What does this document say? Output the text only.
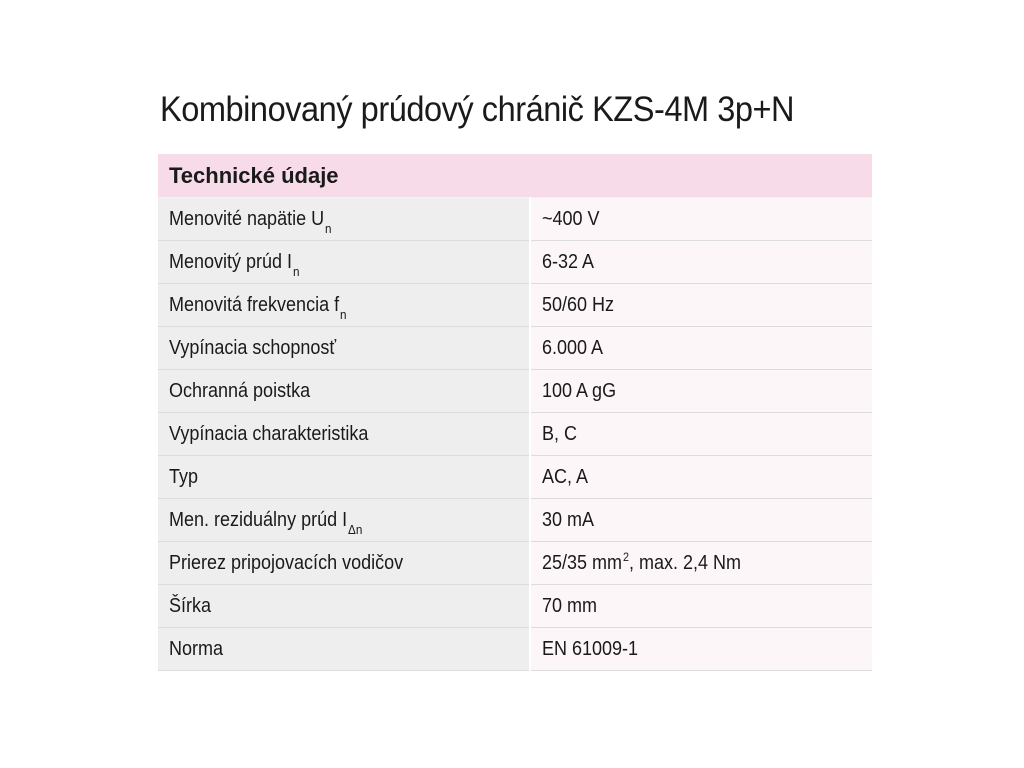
Kombinovaný prúdový chránič KZS-4M 3p+N
Technické údaje	
Menovité napätie $U_n$	~400 V
Menovitý prúd $I_n$	6-32 A
Menovitá frekvencia $f_n$	50/60 Hz
Vypínacia schopnosť	6.000 A
Ochranná poistka	100 A gG
Vypínacia charakteristika	B, C
Typ	AC, A
Men. reziduálny prúd $I_{\Delta n}$	30 mA
Prierez pripojovacích vodičov	25/35 $mm^2$, max. 2,4 Nm
Šírka	70 mm
Norma	EN 61009-1
